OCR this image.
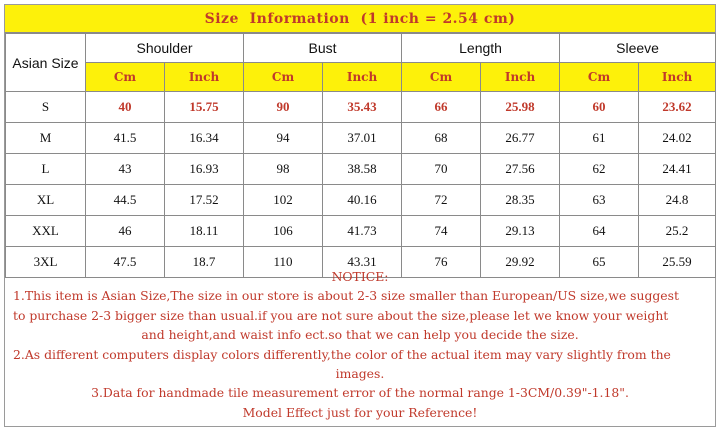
Size  Information  (1 inch = 2.54 cm)
Asian Size	Shoulder		Bust		Length		Sleeve	
	Cm	Inch	Cm	Inch	Cm	Inch	Cm	Inch
S	40	15.75	90	35.43	66	25.98	60	23.62
M	41.5	16.34	94	37.01	68	26.77	61	24.02
L	43	16.93	98	38.58	70	27.56	62	24.41
XL	44.5	17.52	102	40.16	72	28.35	63	24.8
XXL	46	18.11	106	41.73	74	29.13	64	25.2
3XL	47.5	18.7	110	43.31	76	29.92	65	25.59
NOTICE:
1.This item is Asian Size,The size in our store is about 2-3 size smaller than European/US size,we suggest
to purchase 2-3 bigger size than usual.if you are not sure about the size,please let we know your weight
and height,and waist info ect.so that we can help you decide the size.
2.As different computers display colors differently,the color of the actual item may vary slightly from the
images.
3.Data for handmade tile measurement error of the normal range 1-3CM/0.39"-1.18".
Model Effect just for your Reference!
